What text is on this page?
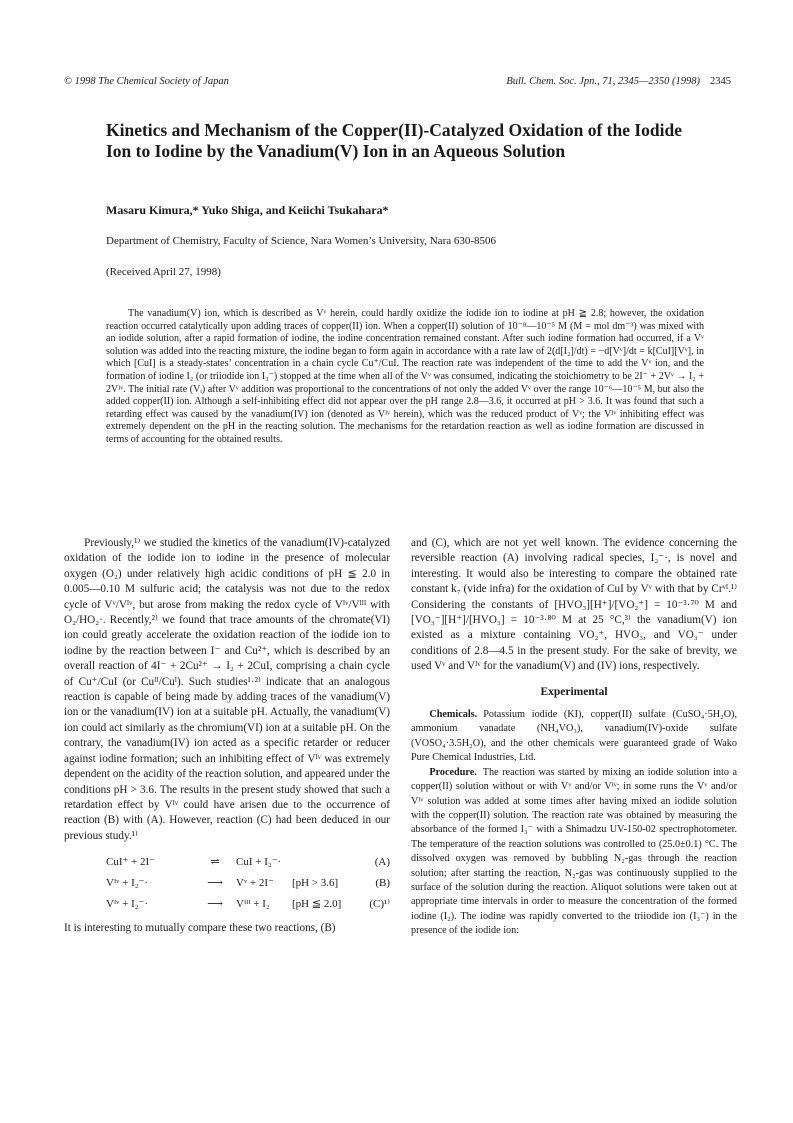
© 1998 The Chemical Society of Japan	Bull. Chem. Soc. Jpn., 71, 2345—2350 (1998) 2345
Kinetics and Mechanism of the Copper(II)-Catalyzed Oxidation of the Iodide Ion to Iodine by the Vanadium(V) Ion in an Aqueous Solution
Masaru Kimura,* Yuko Shiga, and Keiichi Tsukahara*
Department of Chemistry, Faculty of Science, Nara Women’s University, Nara 630-8506
(Received April 27, 1998)

The vanadium(V) ion, which is described as Vᵛ herein, could hardly oxidize the iodide ion to iodine at pH ≧ 2.8; however, the oxidation reaction occurred catalytically upon adding traces of copper(II) ion. When a copper(II) solution of 10⁻⁸—10⁻⁵ M (M = mol dm⁻³) was mixed with an iodide solution, after a rapid formation of iodine, the iodine concentration remained constant. After such iodine formation had occurred, if a Vᵛ solution was added into the reacting mixture, the iodine began to form again in accordance with a rate law of 2(d[I₂]/dt) = −d[Vᵛ]/dt = k[CuI][Vᵛ], in which [CuI] is a steady-states’ concentration in a chain cycle Cu⁺/CuI. The reaction rate was independent of the time to add the Vᵛ ion, and the formation of iodine I₂ (or triiodide ion I₃⁻) stopped at the time when all of the Vᵛ was consumed, indicating the stoichiometry to be 2I⁻ + 2Vᵛ → I₂ + 2Vᴵᵛ. The initial rate (Vᵢ) after Vᵛ addition was proportional to the concentrations of not only the added Vᵛ over the range 10⁻⁶—10⁻⁵ M, but also the added copper(II) ion. Although a self-inhibiting effect did not appear over the pH range 2.8—3.6, it occurred at pH > 3.6. It was found that such a retarding effect was caused by the vanadium(IV) ion (denoted as Vᴵᵛ herein), which was the reduced product of Vᵛ; the Vᴵᵛ inhibiting effect was extremely dependent on the pH in the reacting solution. The mechanisms for the retardation reaction as well as iodine formation are discussed in terms of accounting for the obtained results.

Previously,¹⁾ we studied the kinetics of the vanadium(IV)-catalyzed oxidation of the iodide ion to iodine in the presence of molecular oxygen (O₂) under relatively high acidic conditions of pH ≦ 2.0 in 0.005—0.10 M sulfuric acid; the catalysis was not due to the redox cycle of Vᵛ/Vᴵᵛ, but arose from making the redox cycle of Vᴵᵛ/Vᴵᴵᴵ with O₂/HO₂·. Recently,²⁾ we found that trace amounts of the chromate(VI) ion could greatly accelerate the oxidation reaction of the iodide ion to iodine by the reaction between I⁻ and Cu²⁺, which is described by an overall reaction of 4I⁻ + 2Cu²⁺ → I₂ + 2CuI, comprising a chain cycle of Cu⁺/CuI (or Cuᴵᴵ/Cuᴵ). Such studies¹·²⁾ indicate that an analogous reaction is capable of being made by adding traces of the vanadium(V) ion or the vanadium(IV) ion at a suitable pH. Actually, the vanadium(V) ion could act similarly as the chromium(VI) ion at a suitable pH. On the contrary, the vanadium(IV) ion acted as a specific retarder or reducer against iodine formation; such an inhibiting effect of Vᴵᵛ was extremely dependent on the acidity of the reaction solution, and appeared under the conditions pH > 3.6. The results in the present study showed that such a retardation effect by Vᴵᵛ could have arisen due to the occurrence of reaction (B) with (A). However, reaction (C) had been deduced in our previous study.¹⁾

CuI⁺ + 2I⁻	⇌	CuI + I₂⁻·	(A)
Vᴵᵛ + I₂⁻·	⟶	Vᵛ + 2I⁻	[pH > 3.6]	(B)
Vᴵᵛ + I₂⁻·	⟶	Vᴵᴵᴵ + I₂	[pH ≦ 2.0]	(C)¹⁾

It is interesting to mutually compare these two reactions, (B)

and (C), which are not yet well known. The evidence concerning the reversible reaction (A) involving radical species, I₂⁻·, is novel and interesting. It would also be interesting to compare the obtained rate constant k₇ (vide infra) for the oxidation of CuI by Vᵛ with that by Crᵛᴵ.¹⁾ Considering the constants of [HVO₃][H⁺]/[VO₂⁺] = 10⁻³·⁷⁰ M and [VO₃⁻][H⁺]/[HVO₃] = 10⁻³·⁸⁰ M at 25 °C,³⁾ the vanadium(V) ion existed as a mixture containing VO₂⁺, HVO₃, and VO₃⁻ under conditions of 2.8—4.5 in the present study. For the sake of brevity, we used Vᵛ and Vᴵᵛ for the vanadium(V) and (IV) ions, respectively.

Experimental

Chemicals. Potassium iodide (KI), copper(II) sulfate (CuSO₄·5H₂O), ammonium vanadate (NH₄VO₃), vanadium(IV)-oxide sulfate (VOSO₄·3.5H₂O), and the other chemicals were guaranteed grade of Wako Pure Chemical Industries, Ltd.

Procedure. The reaction was started by mixing an iodide solution into a copper(II) solution without or with Vᵛ and/or Vᴵᵛ; in some runs the Vᵛ and/or Vᴵᵛ solution was added at some times after having mixed an iodide solution with the copper(II) solution. The reaction rate was obtained by measuring the absorbance of the formed I₃⁻ with a Shimadzu UV-150-02 spectrophotometer. The temperature of the reaction solutions was controlled to (25.0±0.1) °C. The dissolved oxygen was removed by bubbling N₂-gas through the reaction solution; after starting the reaction, N₂-gas was continuously supplied to the surface of the solution during the reaction. Aliquot solutions were taken out at appropriate time intervals in order to measure the concentration of the formed iodine (I₂). The iodine was rapidly converted to the triiodide ion (I₃⁻) in the presence of the iodide ion:
